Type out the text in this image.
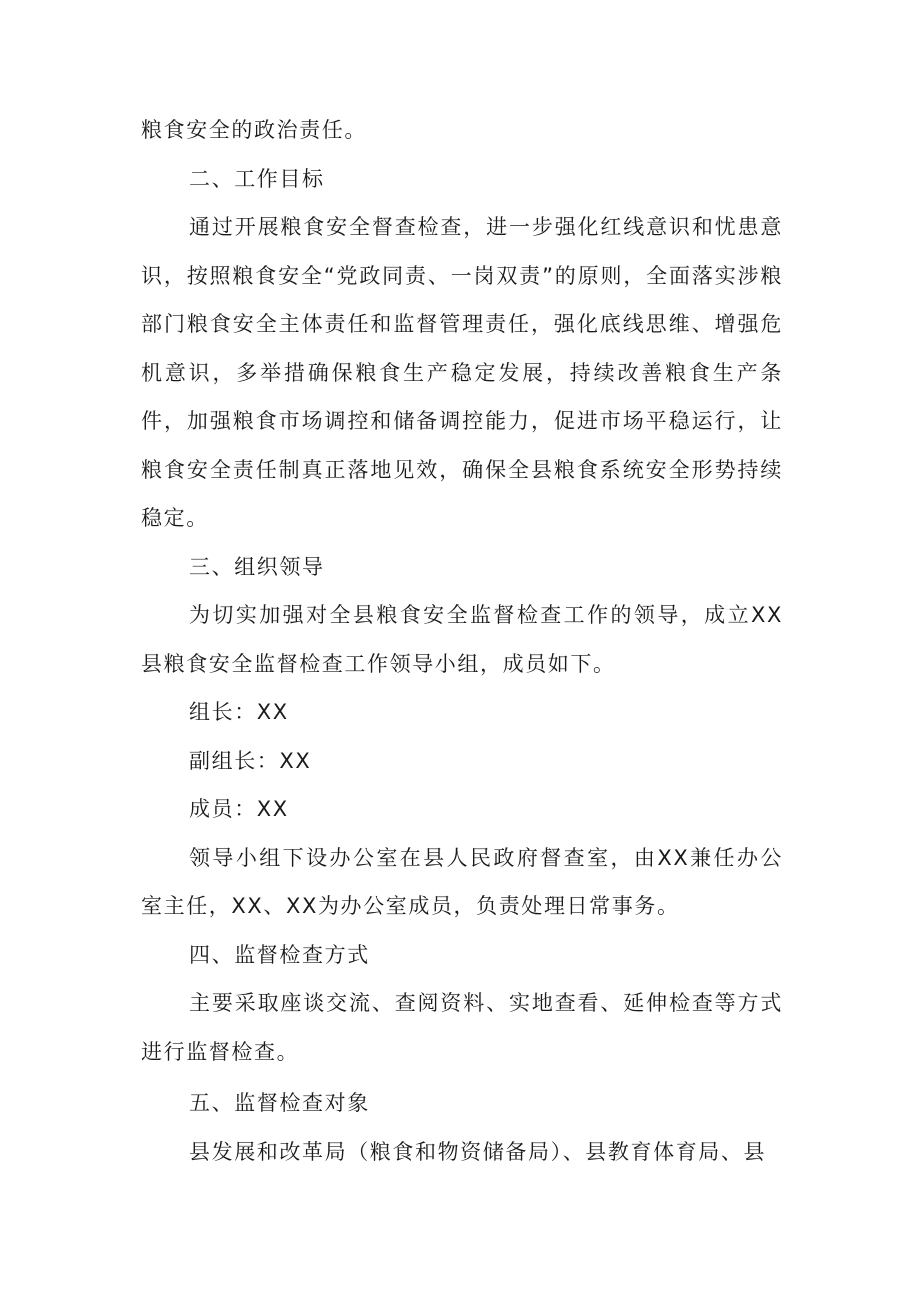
粮食安全的政治责任。

二、工作目标

通过开展粮食安全督查检查，进一步强化红线意识和忧患意识，按照粮食安全“党政同责、一岗双责”的原则，全面落实涉粮部门粮食安全主体责任和监督管理责任，强化底线思维、增强危机意识，多举措确保粮食生产稳定发展，持续改善粮食生产条件，加强粮食市场调控和储备调控能力，促进市场平稳运行，让粮食安全责任制真正落地见效，确保全县粮食系统安全形势持续稳定。

三、组织领导

为切实加强对全县粮食安全监督检查工作的领导，成立XX县粮食安全监督检查工作领导小组，成员如下。

组长：XX

副组长：XX

成员：XX

领导小组下设办公室在县人民政府督查室，由XX兼任办公室主任，XX、XX为办公室成员，负责处理日常事务。

四、监督检查方式

主要采取座谈交流、查阅资料、实地查看、延伸检查等方式进行监督检查。

五、监督检查对象

县发展和改革局（粮食和物资储备局）、县教育体育局、县
